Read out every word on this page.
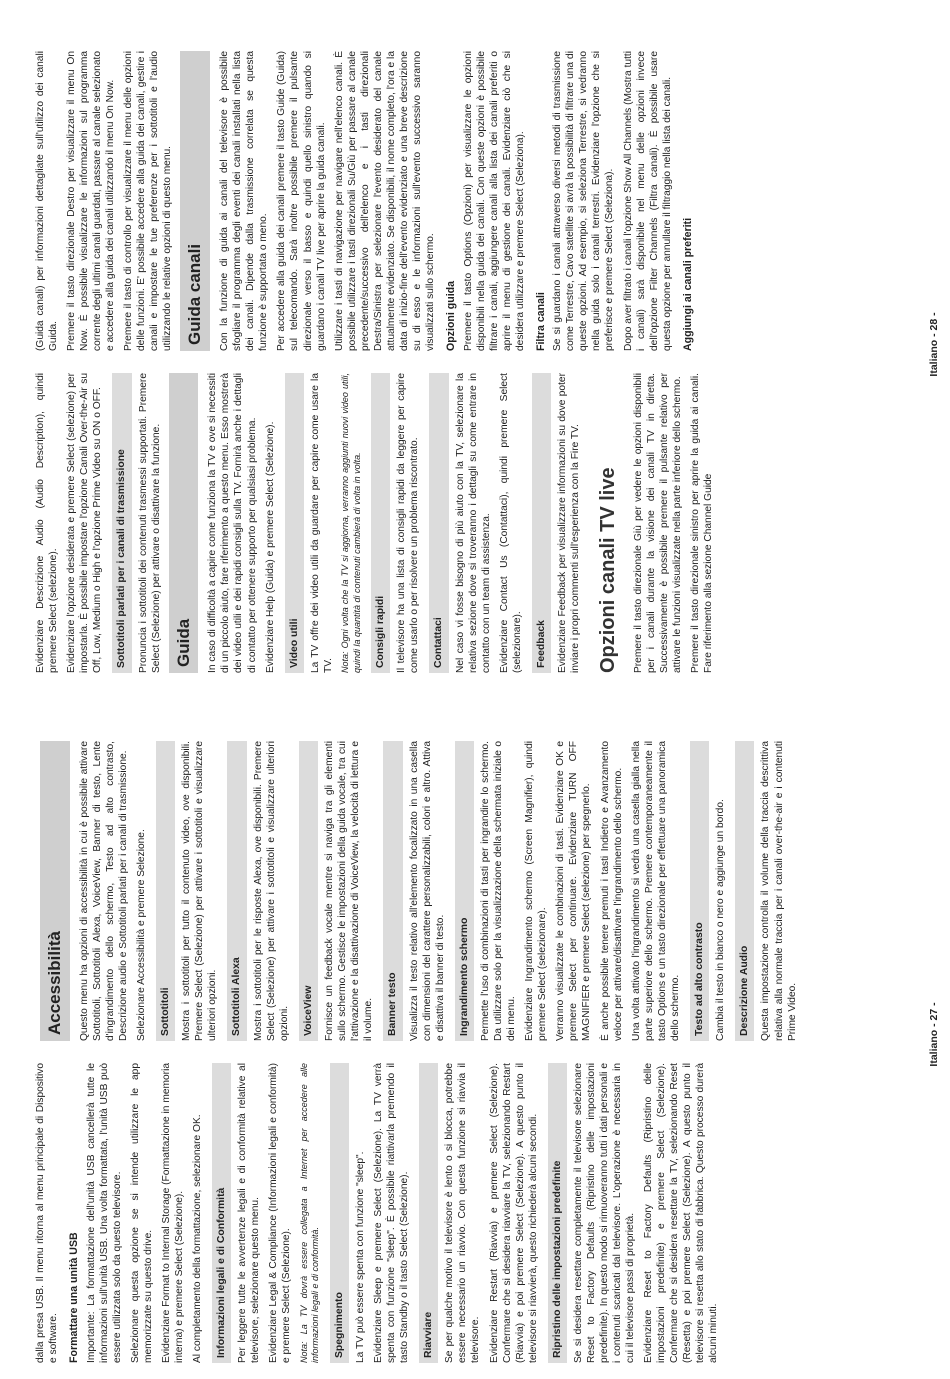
dalla presa USB. Il menu ritorna al menu principale di Dispositivo e software. Formattare una unità USB Importante: La formattazione dell'unità USB cancellerà tutte le informazioni sull'unità USB. Una volta formattata, l'unità USB può essere utilizzata solo da questo televisore. Selezionare questa opzione se si intende utilizzare le app memorizzate su questo drive. Evidenziare Format to Internal Storage (Formattazione in memoria interna) e premere Select (Selezione). Al completamento della formattazione, selezionare OK.	Informazioni legali e di Conformità	Per leggere tutte le avvertenze legali e di conformità relative al televisore, selezionare questo menu. Evidenziare Legal & Compliance (Informazioni legali e conformità) e premere Select (Selezione). Nota: La TV dovrà essere collegata a Internet per accedere alle informazioni legali e di conformità.	Spegnimento	La TV può essere spenta con funzione "sleep". Evidenziare Sleep e premere Select (Selezione). La TV verrà spenta con funzione "sleep". È possibile riattivarla premendo il tasto Standby o il tasto Select (Selezione).	Riavviare	Se per qualche motivo il televisore è lento o si blocca, potrebbe essere necessario un riavvio. Con questa funzione si riavvia il televisore. Evidenziare Restart (Riavvia) e premere Select (Selezione). Confermare che si desidera riavviare la TV, selezionando Restart (Riavvia) e poi premere Select (Selezione). A questo punto il televisore si riavvierà, questo richiederà alcuni secondi.	Ripristino delle impostazioni predefinite	Se si desidera resettare completamente il televisore selezionare Reset to Factory Defaults (Ripristino delle impostazioni predefinite). In questo modo si rimuoveranno tutti i dati personali e i contenuti scaricati dal televisore. L'operazione è necessaria in cui il televisore passi di proprietà. Evidenziare Reset to Factory Defaults (Ripristino delle impostazioni predefinite) e premere Select (Selezione). Confermare che si desidera resettare la TV, selezionando Reset (Resetta) e poi premere Select (Selezione). A questo punto il televisore si resetta allo stato di fabbrica. Questo processo durerà alcuni minuti.
Accessibilità	Questo menu ha opzioni di accessibilità in cui è possibile attivare Sottotitoli, Sottotitoli Alexa, VoiceView, Banner di testo, Lente d'ingrandimento dello schermo, Testo ad alto contrasto, Descrizione audio e Sottotitoli parlati per i canali di trasmissione. Selezionare Accessibilità e premere Selezione.	Sottotitoli	Mostra i sottotitoli per tutto il contenuto video, ove disponibili. Premere Select (Selezione) per attivare i sottotitoli e visualizzare ulteriori opzioni.	Sottotitoli Alexa	Mostra i sottotitoli per le risposte Alexa, ove disponibili. Premere Select (Selezione) per attivare i sottotitoli e visualizzare ulteriori opzioni.	VoiceView	Fornisce un feedback vocale mentre si naviga tra gli elementi sullo schermo. Gestisce le impostazioni della guida vocale, tra cui l'attivazione e la disattivazione di VoiceView, la velocità di lettura e il volume.	Banner testo	Visualizza il testo relativo all'elemento focalizzato in una casella con dimensioni del carattere personalizzabili, colori e altro. Attiva e disattiva il banner di testo.	Ingrandimento schermo	Permette l'uso di combinazioni di tasti per ingrandire lo schermo. Da utilizzare solo per la visualizzazione della schermata iniziale o dei menu. Evidenziare Ingrandimento schermo (Screen Magnifier), quindi premere Select (selezionare). Verranno visualizzate le combinazioni di tasti. Evidenziare OK e premere Select per continuare. Evidenziare TURN OFF MAGNIFIER e premere Select (selezione) per spegnerlo. È anche possibile tenere premuti i tasti Indietro e Avanzamento veloce per attivare/disattivare l'ingrandimento dello schermo. Una volta attivato l'ingrandimento si vedrà una casella gialla nella parte superiore dello schermo. Premere contemporaneamente il tasto Options e un tasto direzionale per effettuare una panoramica dello schermo.	Testo ad alto contrasto	Cambia il testo in bianco o nero e aggiunge un bordo.	Descrizione Audio	Questa impostazione controlla il volume della traccia descrittiva relativa alla normale traccia per i canali over-the-air e i contenuti Prime Video.	Italiano - 27 -
Evidenziare Descrizione Audio (Audio Description), quindi premere Select (selezione). Evidenziare l'opzione desiderata e premere Select (selezione) per impostarla. È possibile impostare l'opzione Canali Over-the-Air su Off, Low, Medium o High e l'opzione Prime Video su ON o OFF.	Sottotitoli parlati per i canali di trasmissione	Pronuncia i sottotitoli dei contenuti trasmessi supportati. Premere Select (Selezione) per attivare o disattivare la funzione. Guida	In caso di difficoltà a capire come funziona la TV e ove si necessiti di un piccolo aiuto, fare riferimento a questo menu. Esso mostrerà dei video utili e dei rapidi consigli sulla TV. Fornirà anche i dettagli di contatto per ottenere supporto per qualsiasi problema. Evidenziare Help (Guida) e premere Select (Selezione).	Video utili	La TV offre dei video utili da guardare per capire come usare la TV. Nota: Ogni volta che la TV si aggiorna, verranno aggiunti nuovi video utili, quindi la quantità di contenuti cambierà di volta in volta.	Consigli rapidi	Il televisore ha una lista di consigli rapidi da leggere per capire come usarlo o per risolvere un problema riscontrato.	Contattaci	Nel caso vi fosse bisogno di più aiuto con la TV, selezionare la relativa sezione dove si troveranno i dettagli su come entrare in contatto con un team di assistenza. Evidenziare Contact Us (Contattaci), quindi premere Select (selezionare).	Feedback	Evidenziare Feedback per visualizzare informazioni su dove poter inviare i propri commenti sull'esperienza con la Fire TV. Opzioni canali TV live Premere il tasto direzionale Giù per vedere le opzioni disponibili per i canali durante la visione dei canali TV in diretta. Successivamente è possibile premere il pulsante relativo per attivare le funzioni visualizzate nella parte inferiore dello schermo. Premere il tasto direzionale sinistro per aprire la guida ai canali. Fare riferimento alla sezione Channel Guide
(Guida canali) per informazioni dettagliate sull'utilizzo dei canali Guida. Premere il tasto direzionale Destro per visualizzare il menu On Now. È possibile visualizzare le informazioni sul programma corrente degli ultimi canali guardati, passare al canale selezionato e accedere alla guida dei canali utilizzando il menu On Now. Premere il tasto di controllo per visualizzare il menu delle opzioni delle funzioni. E' possibile accedere alla guida dei canali, gestire i canali e impostare le tue preferenze per i sottotitoli e l'audio utilizzando le relative opzioni di questo menu. Guida canali	Con la funzione di guida ai canali del televisore è possibile sfogliare il programma degli eventi dei canali installati nella lista dei canali. Dipende dalla trasmissione correlata se questa funzione è supportata o meno. Per accedere alla guida dei canali premere il tasto Guide (Guida) sul telecomando. Sarà inoltre possibile premere il pulsante direzionale verso il basso e quindi quello sinistro quando si guardano i canali TV live per aprire la guida canali. Utilizzare i tasti di navigazione per navigare nell'elenco canali. È possibile utilizzare i tasti direzionali Su/Giù per passare al canale precedente/successivo dell'elenco e i tasti direzionali Destra/Sinistra per selezionare l'evento desiderato del canale attualmente evidenziato. Se disponibili, il nome completo, l'ora e la data di inizio-fine dell'evento evidenziato e una breve descrizione su di esso e le informazioni sull'evento successivo saranno visualizzati sullo schermo. Opzioni guida Premere il tasto Options (Opzioni) per visualizzare le opzioni disponibili nella guida dei canali. Con queste opzioni è possibile filtrare i canali, aggiungere canali alla lista dei canali preferiti o aprire il menu di gestione dei canali. Evidenziare ciò che si desidera utilizzare e premere Select (Seleziona). Filtra canali Se si guardano i canali attraverso diversi metodi di trasmissione come Terrestre, Cavo satellite si avrà la possibilità di filtrare una di queste opzioni. Ad esempio, si seleziona Terrestre, si vedranno nella guida solo i canali terrestri. Evidenziare l'opzione che si preferisce e premere Select (Seleziona). Dopo aver filtrato i canali l'opzione Show All Channels (Mostra tutti i canali) sarà disponibile nel menu delle opzioni invece dell'opzione Filter Channels (Filtra canali). È possibile usare questa opzione per annullare il filtraggio nella lista dei canali. Aggiungi ai canali preferiti	Italiano - 28 -
